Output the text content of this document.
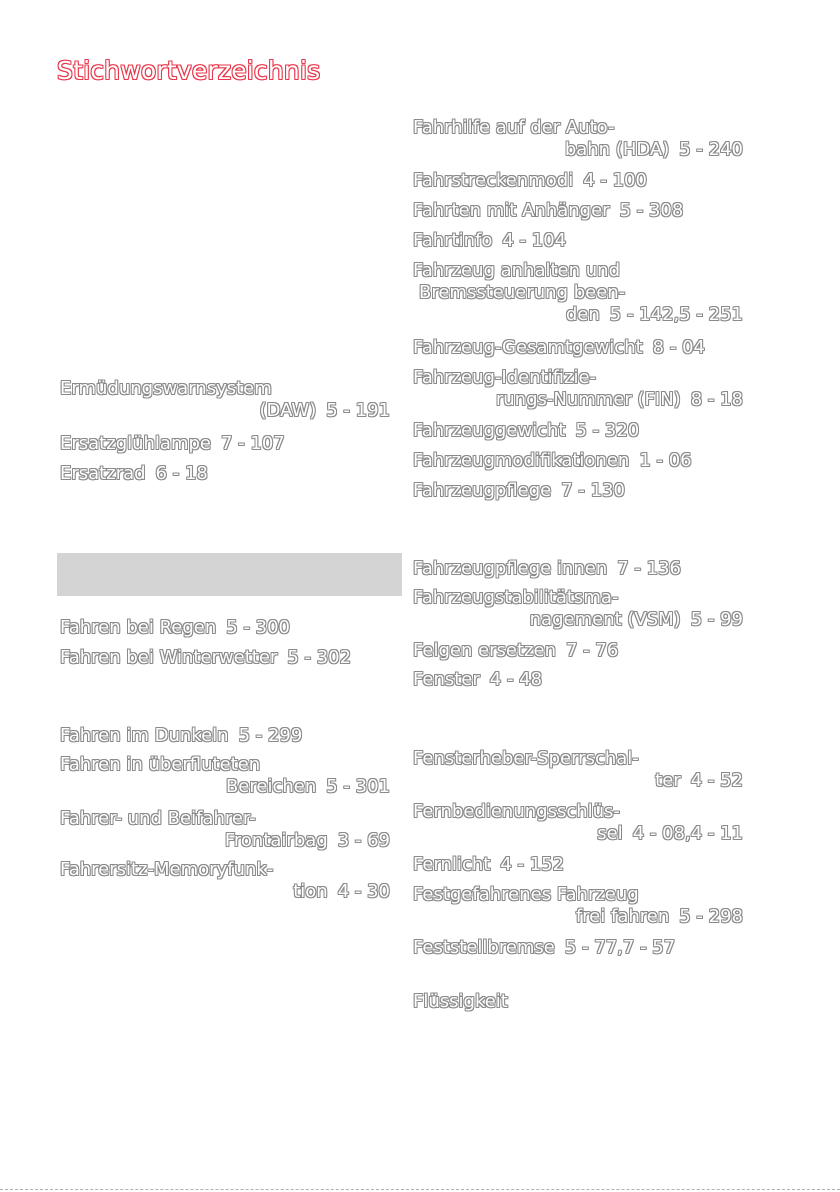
Stichwortverzeichnis
Ermüdungswarnsystem
(DAW) 5 - 191
Ersatzglühlampe 7 - 107
Ersatzrad 6 - 18
Fahren bei Regen 5 - 300
Fahren bei Winterwetter 5 - 302
Fahren im Dunkeln 5 - 299
Fahren in überfluteten
Bereichen 5 - 301
Fahrer- und Beifahrer-
Frontairbag 3 - 69
Fahrersitz-Memoryfunk-
tion 4 - 30
Fahrhilfe auf der Auto-
bahn (HDA) 5 - 240
Fahrstreckenmodi 4 - 100
Fahrten mit Anhänger 5 - 308
Fahrtinfo 4 - 104
Fahrzeug anhalten und
Bremssteuerung been-
den 5 - 142,5 - 251
Fahrzeug-Gesamtgewicht 8 - 04
Fahrzeug-Identifizie-
rungs-Nummer (FIN) 8 - 18
Fahrzeuggewicht 5 - 320
Fahrzeugmodifikationen 1 - 06
Fahrzeugpflege 7 - 130
Fahrzeugpflege innen 7 - 136
Fahrzeugstabilitätsma-
nagement (VSM) 5 - 99
Felgen ersetzen 7 - 76
Fenster 4 - 48
Fensterheber-Sperrschal-
ter 4 - 52
Fernbedienungsschlüs-
sel 4 - 08,4 - 11
Fernlicht 4 - 152
Festgefahrenes Fahrzeug
frei fahren 5 - 298
Feststellbremse 5 - 77,7 - 57
Flüssigkeit
